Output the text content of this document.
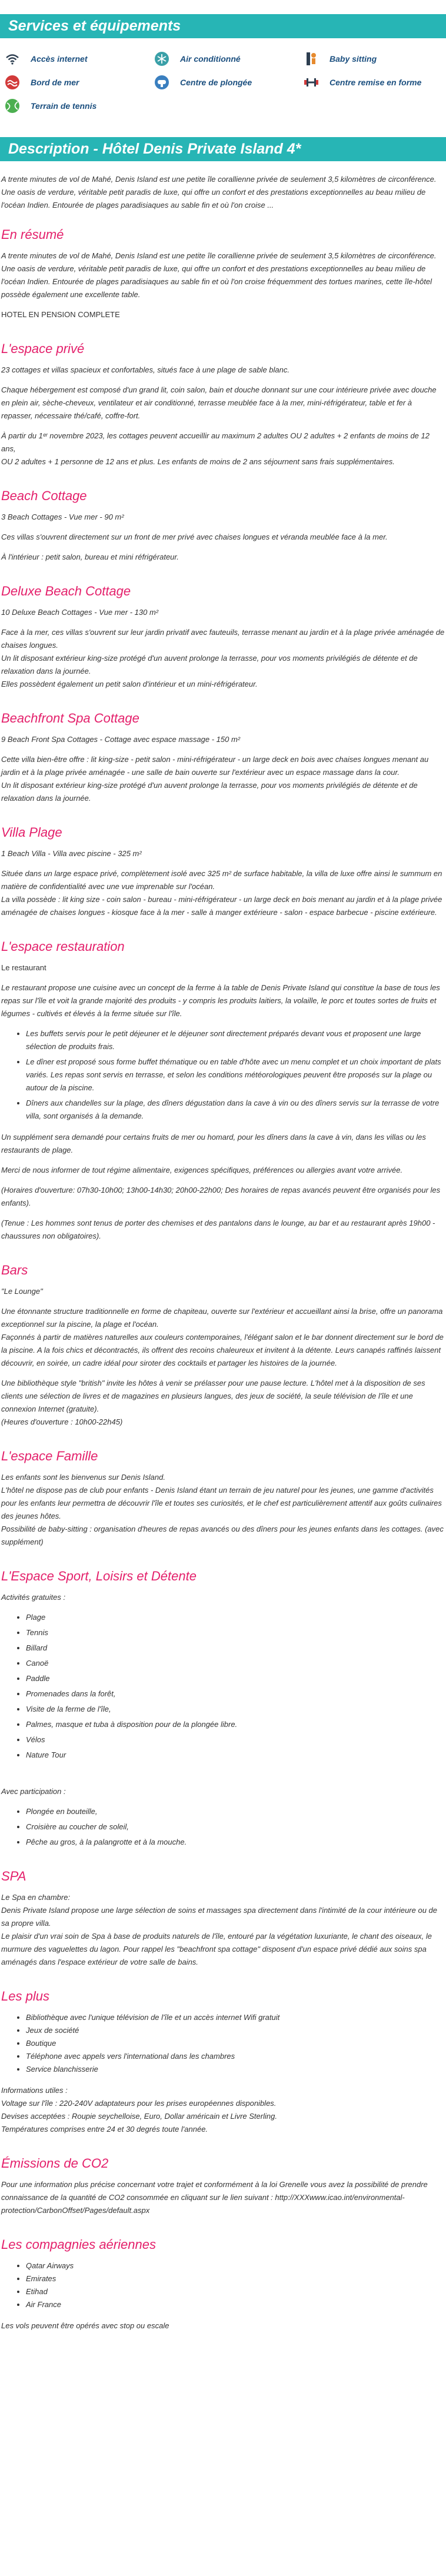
Services et équipements
Accès internet	Air conditionné	Baby sitting
Bord de mer	Centre de plongée	Centre remise en forme
Terrain de tennis
Description - Hôtel Denis Private Island 4*

A trente minutes de vol de Mahé, Denis Island est une petite île corallienne privée de seulement 3,5 kilomètres de circonférence. Une oasis de verdure, véritable petit paradis de luxe, qui offre un confort et des prestations exceptionnelles au beau milieu de l'océan Indien. Entourée de plages paradisiaques au sable fin et où l'on croise ...

En résumé

A trente minutes de vol de Mahé, Denis Island est une petite île corallienne privée de seulement 3,5 kilomètres de circonférence. Une oasis de verdure, véritable petit paradis de luxe, qui offre un confort et des prestations exceptionnelles au beau milieu de l'océan Indien. Entourée de plages paradisiaques au sable fin et où l'on croise fréquemment des tortues marines, cette île-hôtel possède également une excellente table.

HOTEL EN PENSION COMPLETE

L'espace privé

23 cottages et villas spacieux et confortables, situés face à une plage de sable blanc.

Chaque hébergement est composé d'un grand lit, coin salon, bain et douche donnant sur une cour intérieure privée avec douche en plein air, sèche-cheveux, ventilateur et air conditionné, terrasse meublée face à la mer, mini-réfrigérateur, table et fer à repasser, nécessaire thé/café, coffre-fort.

À partir du 1ᵉʳ novembre 2023, les cottages peuvent accueillir au maximum 2 adultes OU 2 adultes + 2 enfants de moins de 12 ans,

OU 2 adultes + 1 personne de 12 ans et plus. Les enfants de moins de 2 ans séjournent sans frais supplémentaires.

Beach Cottage

3 Beach Cottages - Vue mer - 90 m²

Ces villas s'ouvrent directement sur un front de mer privé avec chaises longues et véranda meublée face à la mer.

À l'intérieur : petit salon, bureau et mini réfrigérateur.

Deluxe Beach Cottage

10 Deluxe Beach Cottages - Vue mer - 130 m²

Face à la mer, ces villas s'ouvrent sur leur jardin privatif avec fauteuils, terrasse menant au jardin et à la plage privée aménagée de chaises longues.

Un lit disposant extérieur king-size protégé d'un auvent prolonge la terrasse, pour vos moments privilégiés de détente et de relaxation dans la journée.

Elles possèdent également un petit salon d'intérieur et un mini-réfrigérateur.

Beachfront Spa Cottage

9 Beach Front Spa Cottages - Cottage avec espace massage - 150 m²

Cette villa bien-être offre : lit king-size - petit salon - mini-réfrigérateur - un large deck en bois avec chaises longues menant au jardin et à la plage privée aménagée - une salle de bain ouverte sur l'extérieur avec un espace massage dans la cour.

Un lit disposant extérieur king-size protégé d'un auvent prolonge la terrasse, pour vos moments privilégiés de détente et de relaxation dans la journée.

Villa Plage

1 Beach Villa - Villa avec piscine - 325 m²

Située dans un large espace privé, complètement isolé avec 325 m² de surface habitable, la villa de luxe offre ainsi le summum en matière de confidentialité avec une vue imprenable sur l'océan.

La villa possède : lit king size - coin salon - bureau - mini-réfrigérateur - un large deck en bois menant au jardin et à la plage privée aménagée de chaises longues - kiosque face à la mer - salle à manger extérieure - salon - espace barbecue - piscine extérieure.

L'espace restauration

Le restaurant

Le restaurant propose une cuisine avec un concept de la ferme à la table de Denis Private Island qui constitue la base de tous les repas sur l'île et voit la grande majorité des produits - y compris les produits laitiers, la volaille, le porc et toutes sortes de fruits et légumes - cultivés et élevés à la ferme située sur l'île.

• Les buffets servis pour le petit déjeuner et le déjeuner sont directement préparés devant vous et proposent une large sélection de produits frais.
• Le dîner est proposé sous forme buffet thématique ou en table d'hôte avec un menu complet et un choix important de plats variés. Les repas sont servis en terrasse, et selon les conditions météorologiques peuvent être proposés sur la plage ou autour de la piscine.
• Dîners aux chandelles sur la plage, des dîners dégustation dans la cave à vin ou des dîners servis sur la terrasse de votre villa, sont organisés à la demande.

Un supplément sera demandé pour certains fruits de mer ou homard, pour les dîners dans la cave à vin, dans les villas ou les restaurants de plage.

Merci de nous informer de tout régime alimentaire, exigences spécifiques, préférences ou allergies avant votre arrivée.

(Horaires d'ouverture: 07h30-10h00; 13h00-14h30; 20h00-22h00; Des horaires de repas avancés peuvent être organisés pour les enfants).

(Tenue : Les hommes sont tenus de porter des chemises et des pantalons dans le lounge, au bar et au restaurant après 19h00 - chaussures non obligatoires).

Bars

"Le Lounge"

Une étonnante structure traditionnelle en forme de chapiteau, ouverte sur l'extérieur et accueillant ainsi la brise, offre un panorama exceptionnel sur la piscine, la plage et l'océan.

Façonnés à partir de matières naturelles aux couleurs contemporaines, l'élégant salon et le bar donnent directement sur le bord de la piscine. A la fois chics et décontractés, ils offrent des recoins chaleureux et invitent à la détente. Leurs canapés raffinés laissent découvrir, en soirée, un cadre idéal pour siroter des cocktails et partager les histoires de la journée.

Une bibliothèque style "british" invite les hôtes à venir se prélasser pour une pause lecture. L'hôtel met à la disposition de ses clients une sélection de livres et de magazines en plusieurs langues, des jeux de société, la seule télévision de l'île et une connexion Internet (gratuite).

(Heures d'ouverture : 10h00-22h45)

L'espace Famille

Les enfants sont les bienvenus sur Denis Island.

L'hôtel ne dispose pas de club pour enfants - Denis Island étant un terrain de jeu naturel pour les jeunes, une gamme d'activités pour les enfants leur permettra de découvrir l'île et toutes ses curiosités, et le chef est particulièrement attentif aux goûts culinaires des jeunes hôtes.

Possibilité de baby-sitting : organisation d'heures de repas avancés ou des dîners pour les jeunes enfants dans les cottages. (avec supplément)

L'Espace Sport, Loisirs et Détente

Activités gratuites :

• Plage
• Tennis
• Billard
• Canoë
• Paddle
• Promenades dans la forêt,
• Visite de la ferme de l'île,
• Palmes, masque et tuba à disposition pour de la plongée libre.
• Vélos
• Nature Tour

Avec participation :

• Plongée en bouteille,
• Croisière au coucher de soleil,
• Pêche au gros, à la palangrotte et à la mouche.
SPA

Le Spa en chambre:

Denis Private Island propose une large sélection de soins et massages spa directement dans l'intimité de la cour intérieure ou de sa propre villa.

Le plaisir d'un vrai soin de Spa à base de produits naturels de l'île, entouré par la végétation luxuriante, le chant des oiseaux, le murmure des vaguelettes du lagon. Pour rappel les "beachfront spa cottage" disposent d'un espace privé dédié aux soins spa aménagés dans l'espace extérieur de votre salle de bains.

Les plus
• Bibliothèque avec l'unique télévision de l'île et un accès internet Wifi gratuit
• Jeux de société
• Boutique
• Téléphone avec appels vers l'international dans les chambres
• Service blanchisserie

Informations utiles :

Voltage sur l'île : 220-240V adaptateurs pour les prises européennes disponibles.

Devises acceptées : Roupie seychelloise, Euro, Dollar américain et Livre Sterling.

Températures comprises entre 24 et 30 degrés toute l'année.

Émissions de CO2

Pour une information plus précise concernant votre trajet et conformément à la loi Grenelle vous avez la possibilité de prendre connaissance de la quantité de CO2 consommée en cliquant sur le lien suivant : http://XXXwww.icao.int/environmental-protection/CarbonOffset/Pages/default.aspx

Les compagnies aériennes
• Qatar Airways
• Emirates
• Etihad
• Air France

Les vols peuvent être opérés avec stop ou escale
